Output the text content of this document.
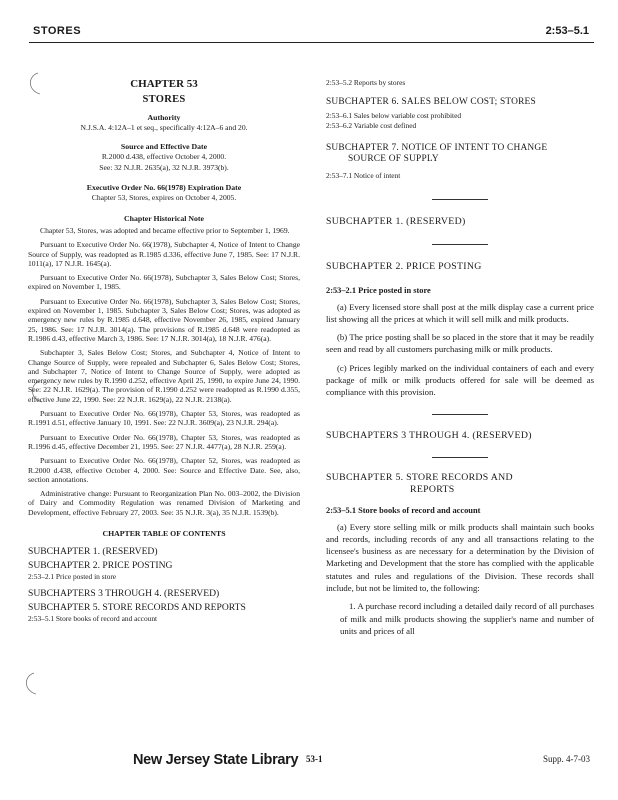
STORES	2:53–5.1
CHAPTER 53
STORES
Authority
N.J.S.A. 4:12A–1 et seq., specifically 4:12A–6 and 20.
Source and Effective Date
R.2000 d.438, effective October 4, 2000.
See: 32 N.J.R. 2635(a), 32 N.J.R. 3973(b).
Executive Order No. 66(1978) Expiration Date
Chapter 53, Stores, expires on October 4, 2005.
Chapter Historical Note
Chapter 53, Stores, was adopted and became effective prior to September 1, 1969.
Pursuant to Executive Order No. 66(1978), Subchapter 4, Notice of Intent to Change Source of Supply, was readopted as R.1985 d.336, effective June 7, 1985. See: 17 N.J.R. 1011(a), 17 N.J.R. 1645(a).
Pursuant to Executive Order No. 66(1978), Subchapter 3, Sales Below Cost; Stores, expired on November 1, 1985.
Pursuant to Executive Order No. 66(1978), Subchapter 3, Sales Below Cost; Stores, expired on November 1, 1985. Subchapter 3, Sales Below Cost; Stores, was adopted as emergency new rules by R.1985 d.648, effective November 26, 1985, expired January 25, 1986. See: 17 N.J.R. 3014(a). The provisions of R.1985 d.648 were readopted as R.1986 d.43, effective March 3, 1986. See: 17 N.J.R. 3014(a), 18 N.J.R. 476(a).
Subchapter 3, Sales Below Cost; Stores, and Subchapter 4, Notice of Intent to Change Source of Supply, were repealed and Subchapter 6, Sales Below Cost; Stores, and Subchapter 7, Notice of Intent to Change Source of Supply, were adopted as emergency new rules by R.1990 d.252, effective April 25, 1990, to expire June 24, 1990. See: 22 N.J.R. 1629(a). The provision of R.1990 d.252 were readopted as R.1990 d.355, effective June 22, 1990. See: 22 N.J.R. 1629(a), 22 N.J.R. 2138(a).
Pursuant to Executive Order No. 66(1978), Chapter 53, Stores, was readopted as R.1991 d.51, effective January 10, 1991. See: 22 N.J.R. 3609(a), 23 N.J.R. 294(a).
Pursuant to Executive Order No. 66(1978), Chapter 53, Stores, was readopted as R.1996 d.45, effective December 21, 1995. See: 27 N.J.R. 4477(a), 28 N.J.R. 259(a).
Pursuant to Executive Order No. 66(1978), Chapter 52, Stores, was readopted as R.2000 d.438, effective October 4, 2000. See: Source and Effective Date. See, also, section annotations.
Administrative change: Pursuant to Reorganization Plan No. 003–2002, the Division of Dairy and Commodity Regulation was renamed Division of Marketing and Development, effective February 27, 2003. See: 35 N.J.R. 3(a), 35 N.J.R. 1539(b).
CHAPTER TABLE OF CONTENTS
SUBCHAPTER 1. (RESERVED)
SUBCHAPTER 2. PRICE POSTING
2:53–2.1 Price posted in store
SUBCHAPTERS 3 THROUGH 4. (RESERVED)
SUBCHAPTER 5. STORE RECORDS AND REPORTS
2:53–5.1 Store books of record and account
2:53–5.2 Reports by stores
SUBCHAPTER 6. SALES BELOW COST; STORES
2:53–6.1 Sales below variable cost prohibited
2:53–6.2 Variable cost defined
SUBCHAPTER 7. NOTICE OF INTENT TO CHANGE
SOURCE OF SUPPLY
2:53–7.1 Notice of intent
SUBCHAPTER 1. (RESERVED)
SUBCHAPTER 2. PRICE POSTING
2:53–2.1 Price posted in store
(a) Every licensed store shall post at the milk display case a current price list showing all the prices at which it will sell milk and milk products.
(b) The price posting shall be so placed in the store that it may be readily seen and read by all customers purchasing milk or milk products.
(c) Prices legibly marked on the individual containers of each and every package of milk or milk products offered for sale will be deemed as compliance with this provision.
SUBCHAPTERS 3 THROUGH 4. (RESERVED)
SUBCHAPTER 5. STORE RECORDS AND
REPORTS
2:53–5.1 Store books of record and account
(a) Every store selling milk or milk products shall maintain such books and records, including records of any and all transactions relating to the licensee's business as are necessary for a determination by the Division of Marketing and Development that the store has complied with the applicable statutes and rules and regulations of the Division. These records shall include, but not be limited to, the following:
1. A purchase record including a detailed daily record of all purchases of milk and milk products showing the supplier's name and number of units and prices of all
New Jersey State Library 53-1	Supp. 4-7-03
